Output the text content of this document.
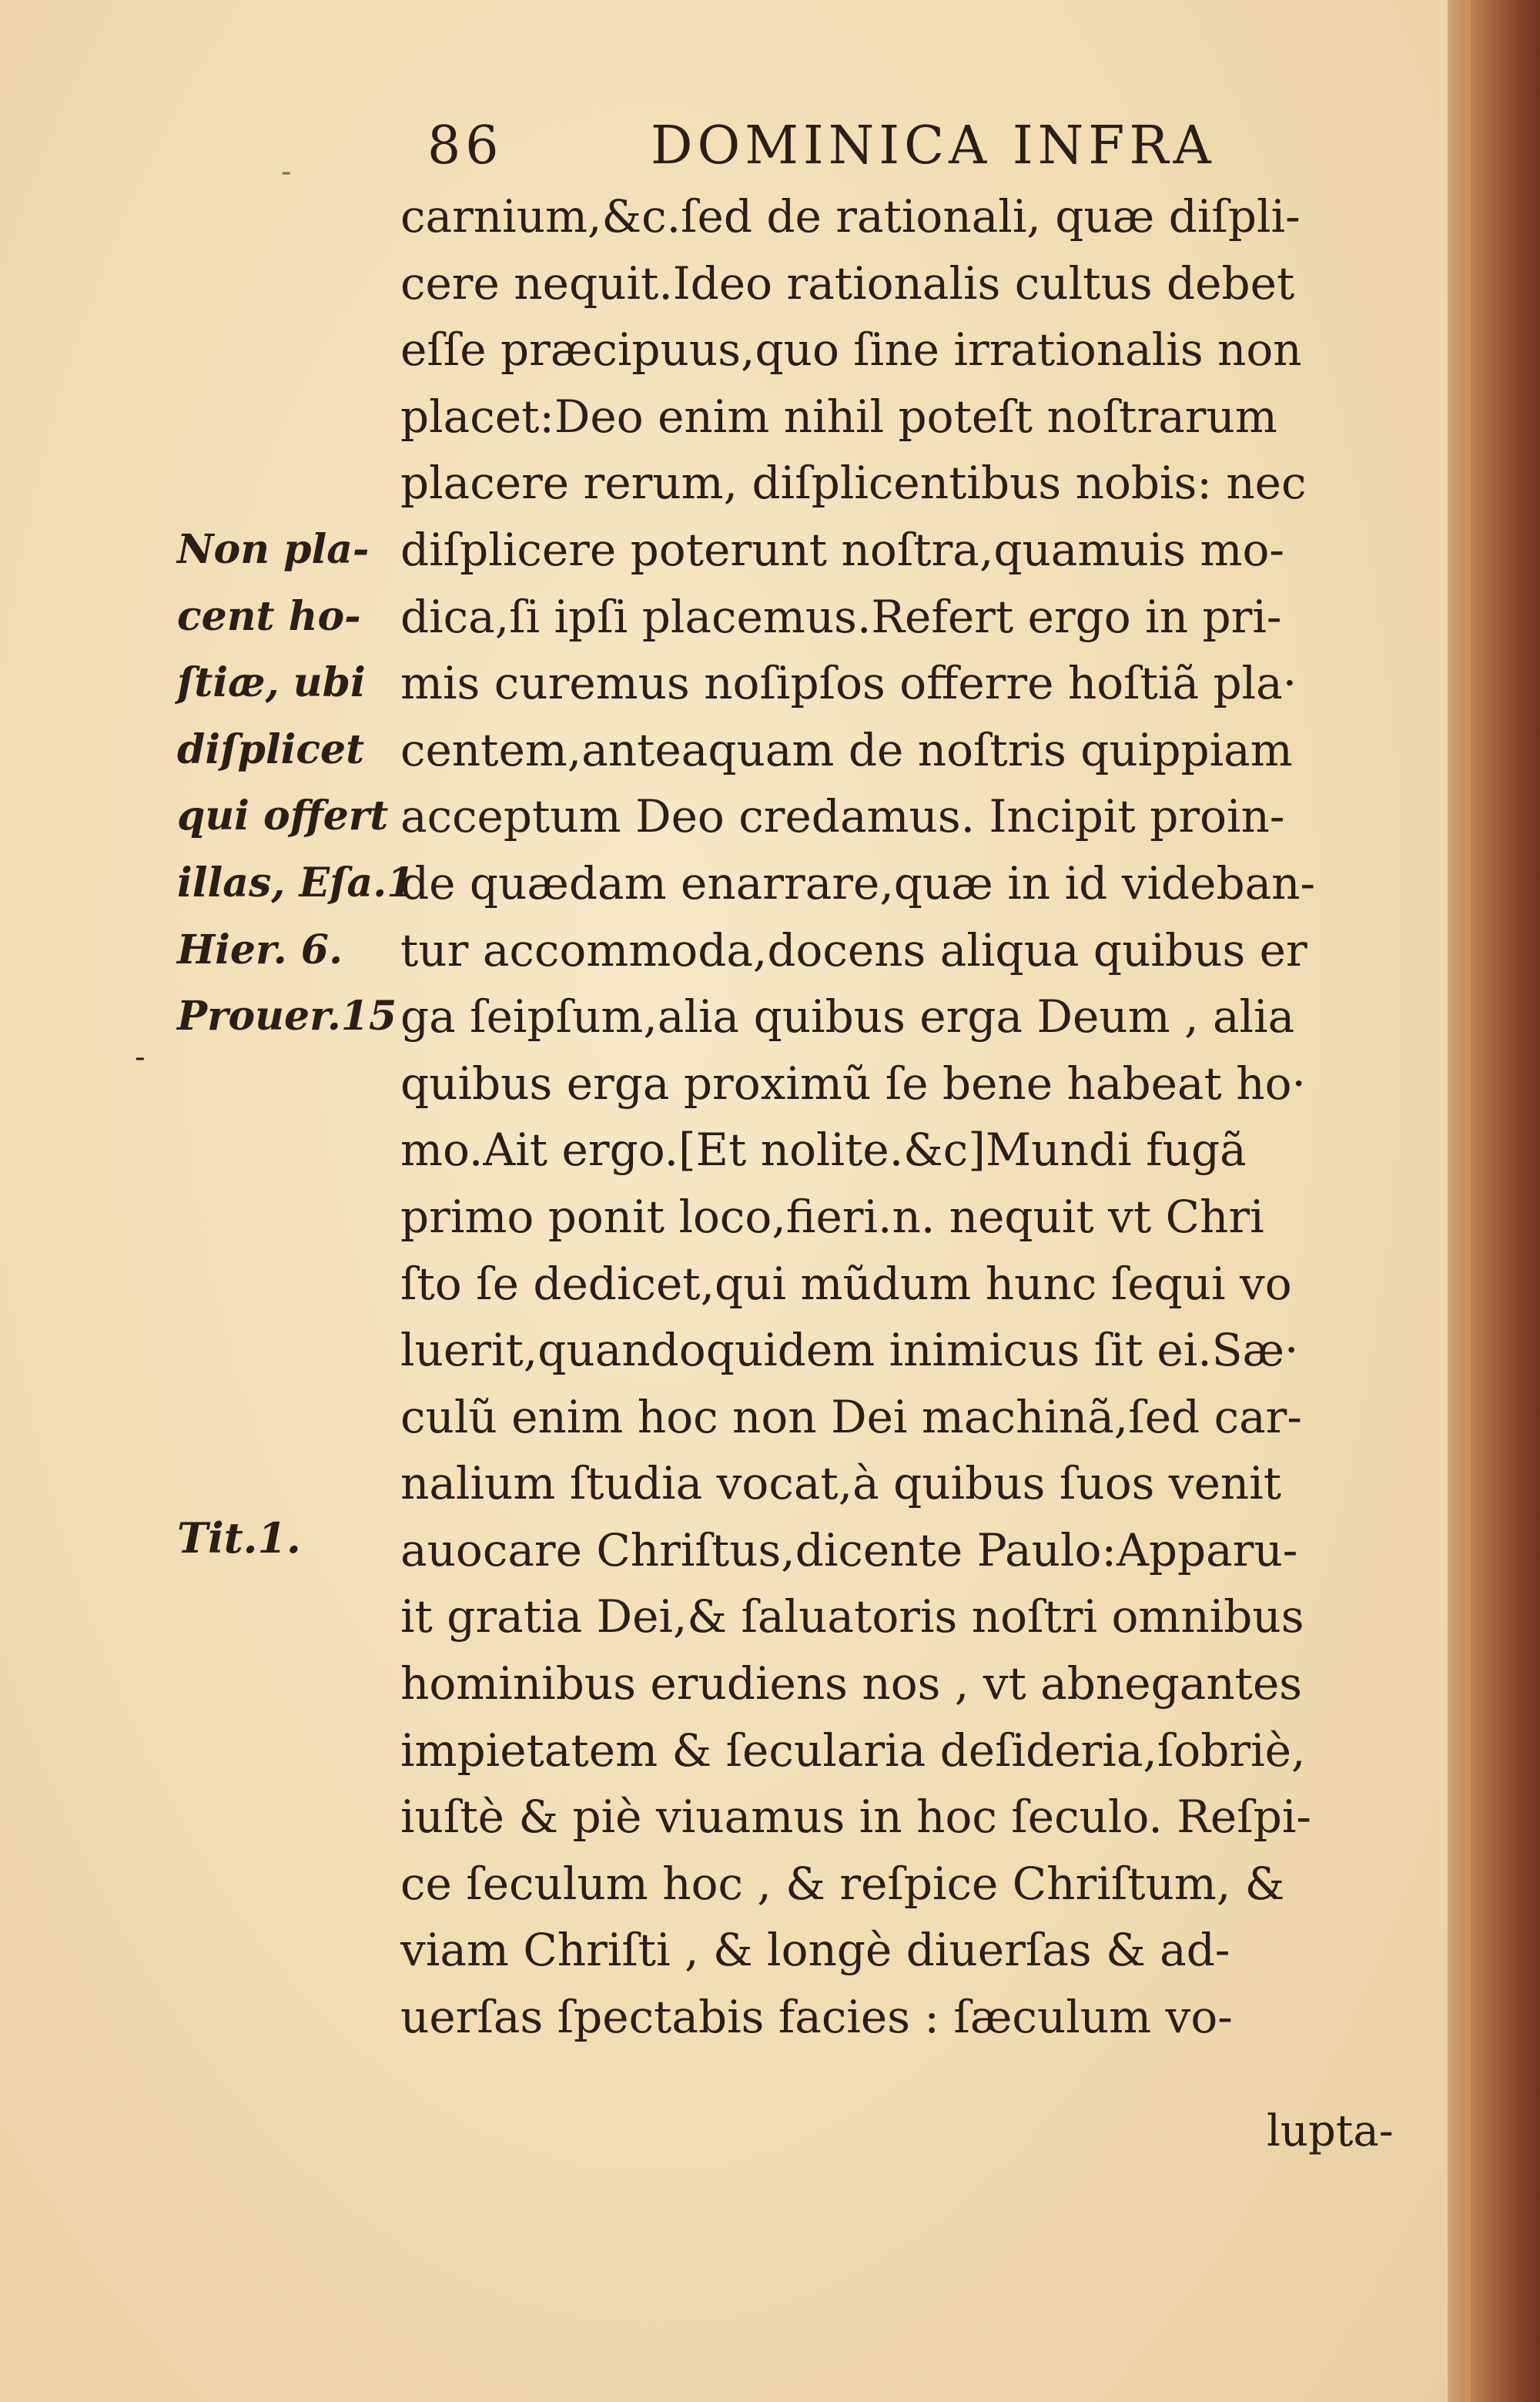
-	86	DOMINICA INFRA
carnium,&c.ſed de rationali, quæ diſpli-
cere nequit.Ideo rationalis cultus debet
eſſe præcipuus,quo ſine irrationalis non
placet:Deo enim nihil poteſt noſtrarum
placere rerum, diſplicentibus nobis: nec
diſplicere poterunt noſtra,quamuis mo-
dica,ſi ipſi placemus.Refert ergo in pri-
mis curemus noſipſos offerre hoſtiã pla·
centem,anteaquam de noſtris quippiam
acceptum Deo credamus. Incipit proin-
de quædam enarrare,quæ in id videban-
tur accommoda,docens aliqua quibus er
ga ſeipſum,alia quibus erga Deum , alia
quibus erga proximũ ſe bene habeat ho·
mo.Ait ergo.[Et nolite.&c]Mundi fugã
primo ponit loco,fieri.n. nequit vt Chri
ſto ſe dedicet,qui mũdum hunc ſequi vo
luerit,quandoquidem inimicus ſit ei.Sæ·
culũ enim hoc non Dei machinã,ſed car-
nalium ſtudia vocat,à quibus ſuos venit
auocare Chriſtus,dicente Paulo:Apparu-
it gratia Dei,& ſaluatoris noſtri omnibus
hominibus erudiens nos , vt abnegantes
impietatem & ſecularia deſideria,ſobriè,
iuſtè & piè viuamus in hoc ſeculo. Reſpi-
ce ſeculum hoc , & reſpice Chriſtum, &
viam Chriſti , & longè diuerſas & ad-
uerſas ſpectabis facies : ſæculum vo-
Non pla-
cent ho-
ſtiæ, ubi
diſplicet
qui offert
illas, Eſa.1
Hier. 6.
Prouer.15
-
Tit.1.
lupta-
